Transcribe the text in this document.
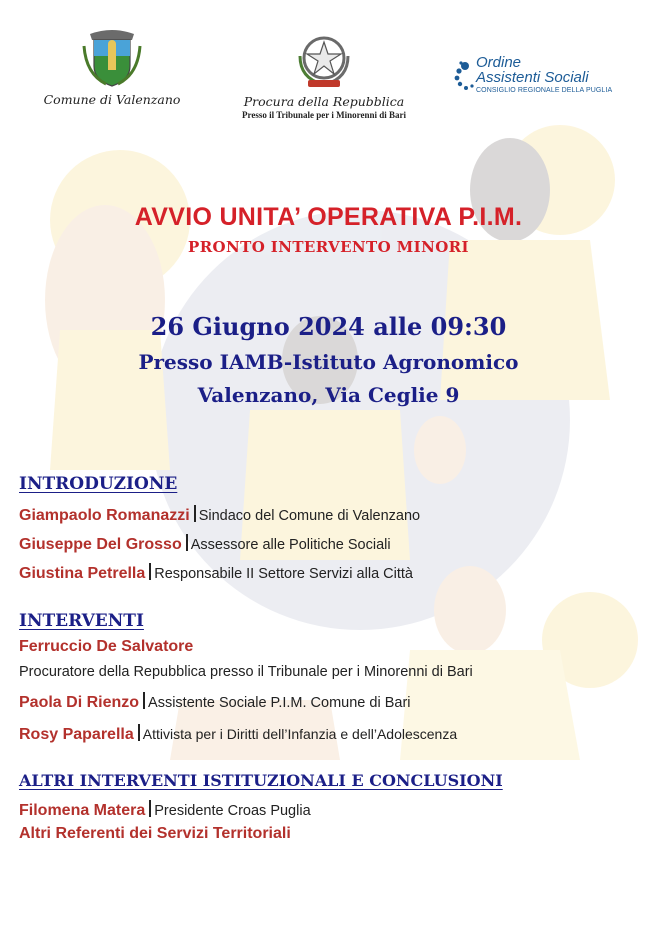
Comune di Valenzano	Procura della Repubblica
Presso il Tribunale per i Minorenni di Bari
Ordine
Assistenti Sociali
CONSIGLIO REGIONALE DELLA PUGLIA
AVVIO UNITA’ OPERATIVA P.I.M.
PRONTO INTERVENTO MINORI
26 Giugno 2024 alle 09:30
Presso IAMB-Istituto Agronomico
Valenzano, Via Ceglie 9
INTRODUZIONE
Giampaolo Romanazzi Sindaco del Comune di Valenzano
Giuseppe Del Grosso Assessore alle Politiche Sociali
Giustina Petrella Responsabile II Settore Servizi alla Città
INTERVENTI
Ferruccio De Salvatore
Procuratore della Repubblica presso il Tribunale per i Minorenni di Bari
Paola Di Rienzo Assistente Sociale P.I.M. Comune di Bari
Rosy Paparella Attivista per i Diritti dell’Infanzia e dell’Adolescenza
ALTRI INTERVENTI ISTITUZIONALI E CONCLUSIONI
Filomena Matera Presidente Croas Puglia
Altri Referenti dei Servizi Territoriali
